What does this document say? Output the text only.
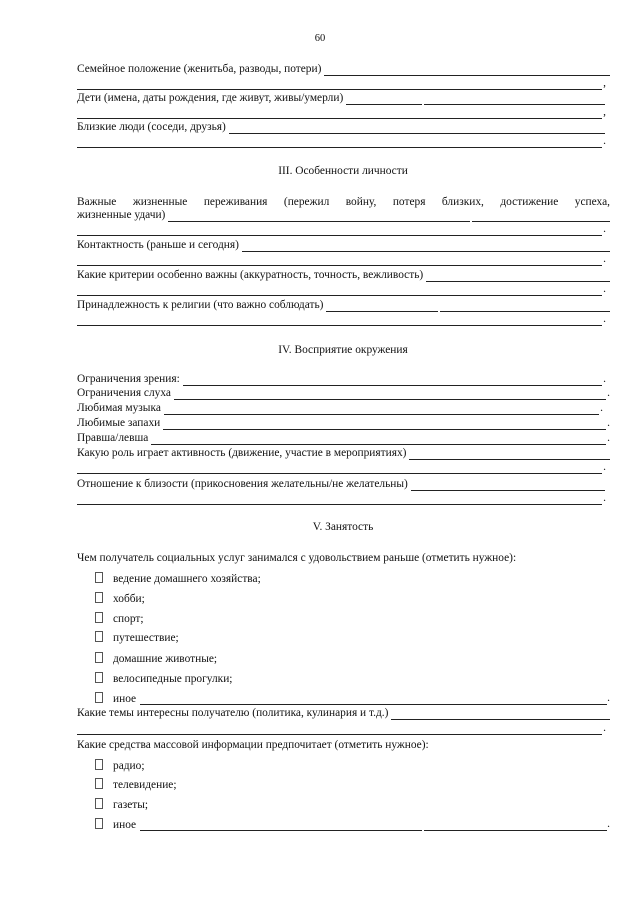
60
Семейное положение (женитьба, разводы, потери)
,
Дети (имена, даты рождения, где живут, живы/умерли)
,
Близкие люди (соседи, друзья)
.
III. Особенности личности
Важные жизненные переживания (пережил войну, потеря близких, достижение успеха,
жизненные удачи)
.
Контактность (раньше и сегодня)
.
Какие критерии особенно важны (аккуратность, точность, вежливость)
.
Принадлежность к религии (что важно соблюдать)
.
IV. Восприятие окружения
Ограничения зрения:	.
Ограничения слуха	.
Любимая музыка	.
Любимые запахи	.
Правша/левша	.
Какую роль играет активность (движение, участие в мероприятиях)
.
Отношение к близости (прикосновения желательны/не желательны)
.
V. Занятость
Чем получатель социальных услуг занимался с удовольствием раньше (отметить нужное):
ведение домашнего хозяйства;
хобби;
спорт;
путешествие;
домашние животные;
велосипедные прогулки;
иное	.
Какие темы интересны получателю (политика, кулинария и т.д.)
.
Какие средства массовой информации предпочитает (отметить нужное):
радио;
телевидение;
газеты;
иное	.
